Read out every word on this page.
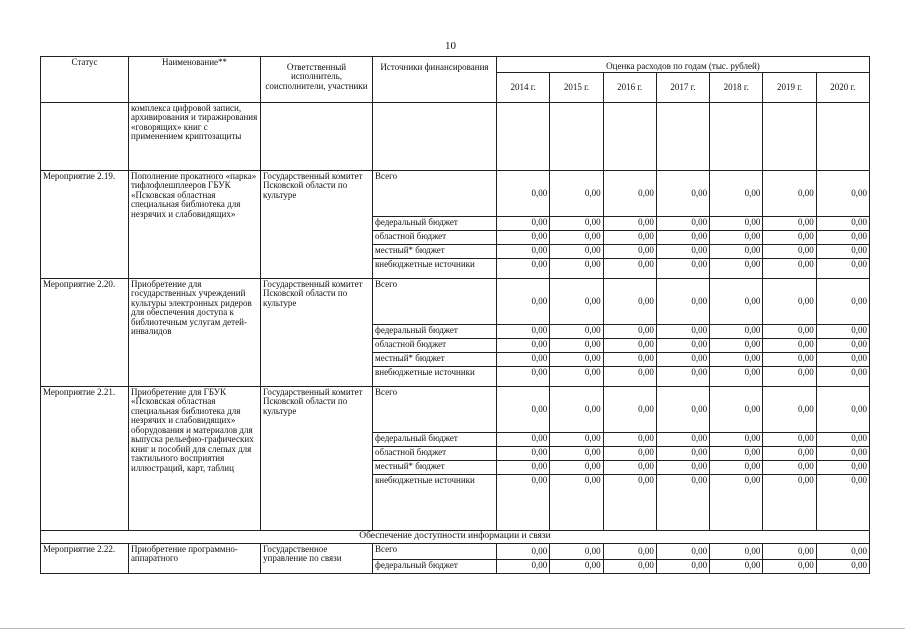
10
Статус	Наименование**	Ответственный исполнитель, соисполнители, участники	Источники финансирования	Оценка расходов по годам (тыс. рублей)						
				2014 г.	2015 г.	2016 г.	2017 г.	2018 г.	2019 г.	2020 г.
	комплекса цифровой записи, архивирования и тиражирования «говорящих» книг с применением криптозащиты									
Мероприятие 2.19.	Пополнение прокатного «парка» тифлофлешплееров ГБУК «Псковская областная специальная библиотека для незрячих и слабовидящих»	Государственный комитет Псковской области по культуре	Всего	0,00	0,00	0,00	0,00	0,00	0,00	0,00
			федеральный бюджет	0,00	0,00	0,00	0,00	0,00	0,00	0,00
			областной бюджет	0,00	0,00	0,00	0,00	0,00	0,00	0,00
			местный* бюджет	0,00	0,00	0,00	0,00	0,00	0,00	0,00
			внебюджетные источники	0,00	0,00	0,00	0,00	0,00	0,00	0,00
Мероприятие 2.20.	Приобретение для государственных учреждений культуры электронных ридеров для обеспечения доступа к библиотечным услугам детей-инвалидов	Государственный комитет Псковской области по культуре	Всего	0,00	0,00	0,00	0,00	0,00	0,00	0,00
			федеральный бюджет	0,00	0,00	0,00	0,00	0,00	0,00	0,00
			областной бюджет	0,00	0,00	0,00	0,00	0,00	0,00	0,00
			местный* бюджет	0,00	0,00	0,00	0,00	0,00	0,00	0,00
			внебюджетные источники	0,00	0,00	0,00	0,00	0,00	0,00	0,00
Мероприятие 2.21.	Приобретение для ГБУК «Псковская областная специальная библиотека для незрячих и слабовидящих» оборудования и материалов для выпуска рельефно-графических книг и пособий для слепых для тактильного восприятия иллюстраций, карт, таблиц	Государственный комитет Псковской области по культуре	Всего	0,00	0,00	0,00	0,00	0,00	0,00	0,00
			федеральный бюджет	0,00	0,00	0,00	0,00	0,00	0,00	0,00
			областной бюджет	0,00	0,00	0,00	0,00	0,00	0,00	0,00
			местный* бюджет	0,00	0,00	0,00	0,00	0,00	0,00	0,00
			внебюджетные источники	0,00	0,00	0,00	0,00	0,00	0,00	0,00
Обеспечение доступности информации и связи										
Мероприятие 2.22.	Приобретение программно-аппаратного	Государственное управление по связи	Всего	0,00	0,00	0,00	0,00	0,00	0,00	0,00
			федеральный бюджет	0,00	0,00	0,00	0,00	0,00	0,00	0,00
